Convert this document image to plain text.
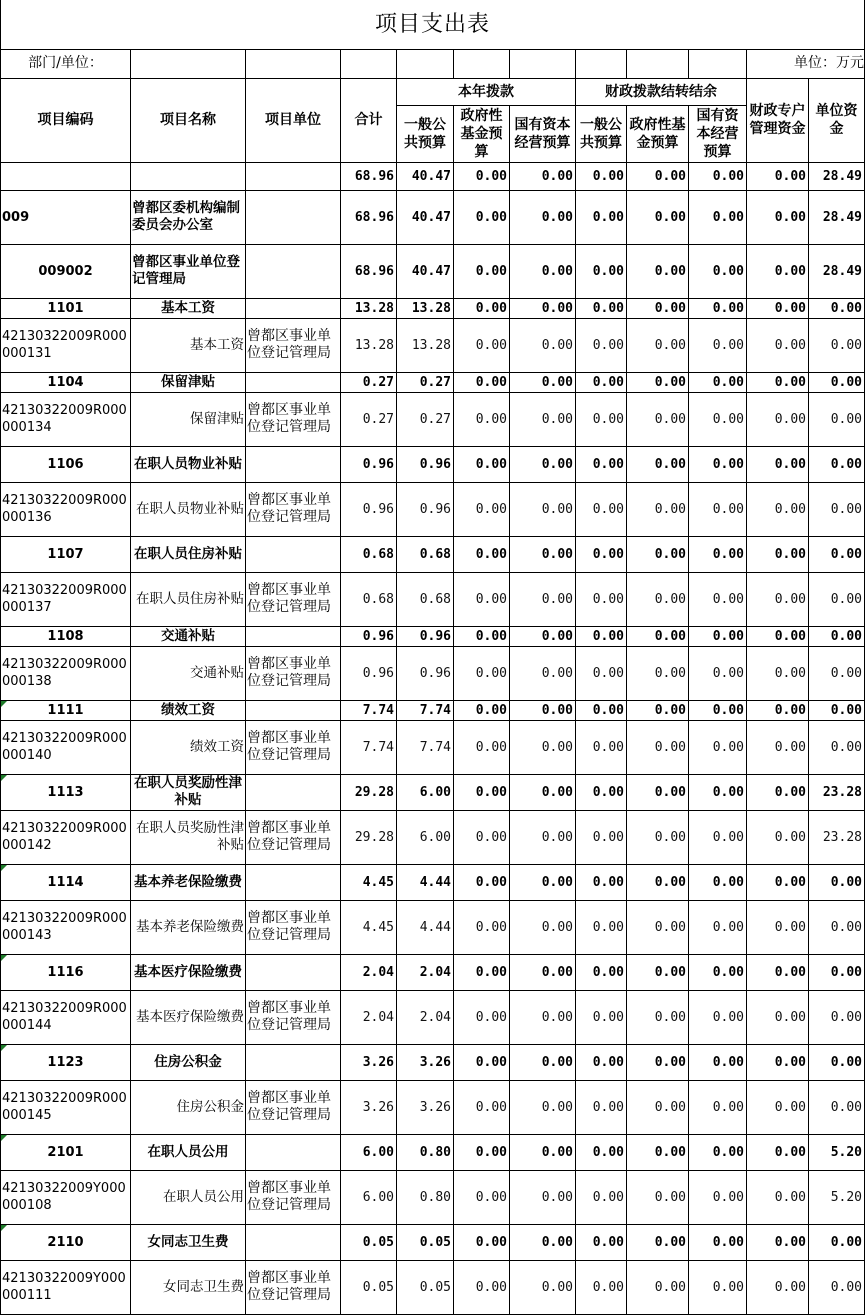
项目支出表											
部门/单位：										单位：万元	
项目编码	项目名称	项目单位	合计	本年拨款			财政拨款结转结余			财政专户管理资金	单位资金
				一般公共预算	政府性基金预算	国有资本经营预算	一般公共预算	政府性基金预算	国有资本经营预算		
			68.96	40.47	0.00	0.00	0.00	0.00	0.00	0.00	28.49
009	曾都区委机构编制委员会办公室		68.96	40.47	0.00	0.00	0.00	0.00	0.00	0.00	28.49
009002	曾都区事业单位登记管理局		68.96	40.47	0.00	0.00	0.00	0.00	0.00	0.00	28.49
1101	基本工资		13.28	13.28	0.00	0.00	0.00	0.00	0.00	0.00	0.00
42130322009R000000131	基本工资	曾都区事业单位登记管理局	13.28	13.28	0.00	0.00	0.00	0.00	0.00	0.00	0.00
1104	保留津贴		0.27	0.27	0.00	0.00	0.00	0.00	0.00	0.00	0.00
42130322009R000000134	保留津贴	曾都区事业单位登记管理局	0.27	0.27	0.00	0.00	0.00	0.00	0.00	0.00	0.00
1106	在职人员物业补贴		0.96	0.96	0.00	0.00	0.00	0.00	0.00	0.00	0.00
42130322009R000000136	在职人员物业补贴	曾都区事业单位登记管理局	0.96	0.96	0.00	0.00	0.00	0.00	0.00	0.00	0.00
1107	在职人员住房补贴		0.68	0.68	0.00	0.00	0.00	0.00	0.00	0.00	0.00
42130322009R000000137	在职人员住房补贴	曾都区事业单位登记管理局	0.68	0.68	0.00	0.00	0.00	0.00	0.00	0.00	0.00
1108	交通补贴		0.96	0.96	0.00	0.00	0.00	0.00	0.00	0.00	0.00
42130322009R000000138	交通补贴	曾都区事业单位登记管理局	0.96	0.96	0.00	0.00	0.00	0.00	0.00	0.00	0.00
1111	绩效工资		7.74	7.74	0.00	0.00	0.00	0.00	0.00	0.00	0.00
42130322009R000000140	绩效工资	曾都区事业单位登记管理局	7.74	7.74	0.00	0.00	0.00	0.00	0.00	0.00	0.00
1113	在职人员奖励性津补贴		29.28	6.00	0.00	0.00	0.00	0.00	0.00	0.00	23.28
42130322009R000000142	在职人员奖励性津补贴	曾都区事业单位登记管理局	29.28	6.00	0.00	0.00	0.00	0.00	0.00	0.00	23.28
1114	基本养老保险缴费		4.45	4.44	0.00	0.00	0.00	0.00	0.00	0.00	0.00
42130322009R000000143	基本养老保险缴费	曾都区事业单位登记管理局	4.45	4.44	0.00	0.00	0.00	0.00	0.00	0.00	0.00
1116	基本医疗保险缴费		2.04	2.04	0.00	0.00	0.00	0.00	0.00	0.00	0.00
42130322009R000000144	基本医疗保险缴费	曾都区事业单位登记管理局	2.04	2.04	0.00	0.00	0.00	0.00	0.00	0.00	0.00
1123	住房公积金		3.26	3.26	0.00	0.00	0.00	0.00	0.00	0.00	0.00
42130322009R000000145	住房公积金	曾都区事业单位登记管理局	3.26	3.26	0.00	0.00	0.00	0.00	0.00	0.00	0.00
2101	在职人员公用		6.00	0.80	0.00	0.00	0.00	0.00	0.00	0.00	5.20
42130322009Y000000108	在职人员公用	曾都区事业单位登记管理局	6.00	0.80	0.00	0.00	0.00	0.00	0.00	0.00	5.20
2110	女同志卫生费		0.05	0.05	0.00	0.00	0.00	0.00	0.00	0.00	0.00
42130322009Y000000111	女同志卫生费	曾都区事业单位登记管理局	0.05	0.05	0.00	0.00	0.00	0.00	0.00	0.00	0.00
